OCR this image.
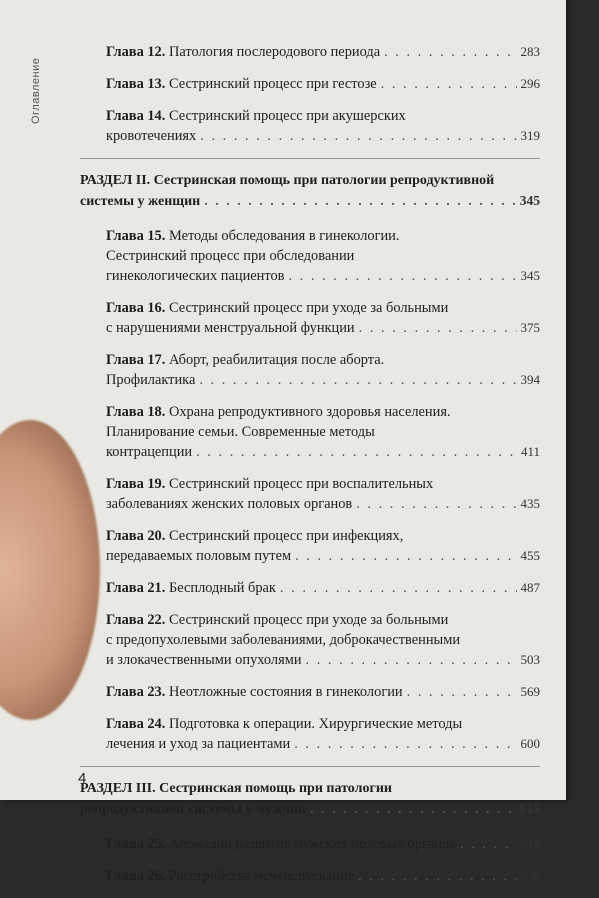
Оглавление
Глава 12. Патология послеродового периода . . .	283
Глава 13. Сестринский процесс при гестозе . . .	296
Глава 14. Сестринский процесс при акушерских
кровотечениях . . .	319
РАЗДЕЛ II. Сестринская помощь при патологии репродуктивной
системы у женщин . . .	345
Глава 15. Методы обследования в гинекологии.
Сестринский процесс при обследовании
гинекологических пациентов . . .	345
Глава 16. Сестринский процесс при уходе за больными
с нарушениями менструальной функции . . .	375
Глава 17. Аборт, реабилитация после аборта.
Профилактика . . .	394
Глава 18. Охрана репродуктивного здоровья населения.
Планирование семьи. Современные методы
контрацепции . . .	411
Глава 19. Сестринский процесс при воспалительных
заболеваниях женских половых органов . . .	435
Глава 20. Сестринский процесс при инфекциях,
передаваемых половым путем . . .	455
Глава 21. Бесплодный брак . . .	487
Глава 22. Сестринский процесс при уходе за больными
с предопухолевыми заболеваниями, доброкачественными
и злокачественными опухолями . . .	503
Глава 23. Неотложные состояния в гинекологии . . .	569
Глава 24. Подготовка к операции. Хирургические методы
лечения и уход за пациентами . . .	600
РАЗДЕЛ III. Сестринская помощь при патологии
репродуктивной системы у мужчин . . .	615
Глава 25. Аномалии развития мужских половых органов . . .	615
Глава 26. Расстройства мочеиспускания . . .	636
4
